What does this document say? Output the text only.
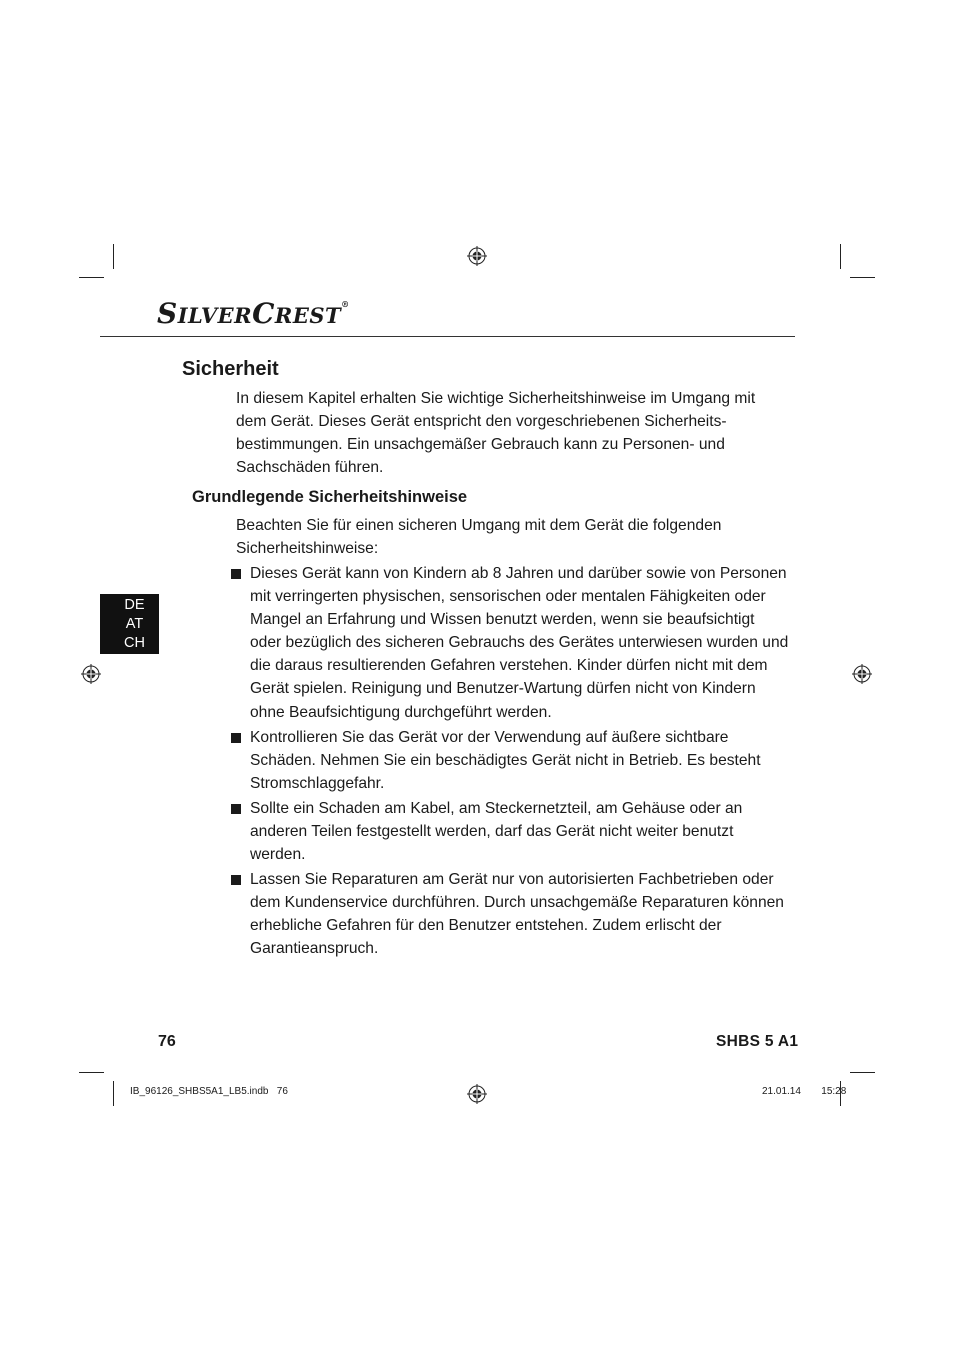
SILVERCREST®
Sicherheit

In diesem Kapitel erhalten Sie wichtige Sicherheitshinweise im Umgang mit dem Gerät. Dieses Gerät entspricht den vorgeschriebenen Sicherheitsbestimmungen. Ein unsachgemäßer Gebrauch kann zu Personen- und Sachschäden führen.

Grundlegende Sicherheitshinweise

Beachten Sie für einen sicheren Umgang mit dem Gerät die folgenden Sicherheitshinweise:

Dieses Gerät kann von Kindern ab 8 Jahren und darüber sowie von Personen mit verringerten physischen, sensorischen oder mentalen Fähigkeiten oder Mangel an Erfahrung und Wissen benutzt werden, wenn sie beaufsichtigt oder bezüglich des sicheren Gebrauchs des Gerätes unterwiesen wurden und die daraus resultierenden Gefahren verstehen. Kinder dürfen nicht mit dem Gerät spielen. Reinigung und Benutzer-Wartung dürfen nicht von Kindern ohne Beaufsichtigung durchgeführt werden.
Kontrollieren Sie das Gerät vor der Verwendung auf äußere sichtbare Schäden. Nehmen Sie ein beschädigtes Gerät nicht in Betrieb. Es besteht Stromschlaggefahr.
Sollte ein Schaden am Kabel, am Steckernetzteil, am Gehäuse oder an anderen Teilen festgestellt werden, darf das Gerät nicht weiter benutzt werden.
Lassen Sie Reparaturen am Gerät nur von autorisierten Fachbetrieben oder dem Kundenservice durchführen. Durch unsachgemäße Reparaturen können erhebliche Gefahren für den Benutzer entstehen. Zudem erlischt der Garantieanspruch.
DE
AT
CH
76	SHBS 5 A1
IB_96126_SHBS5A1_LB5.indb   76	21.01.14   15:28
